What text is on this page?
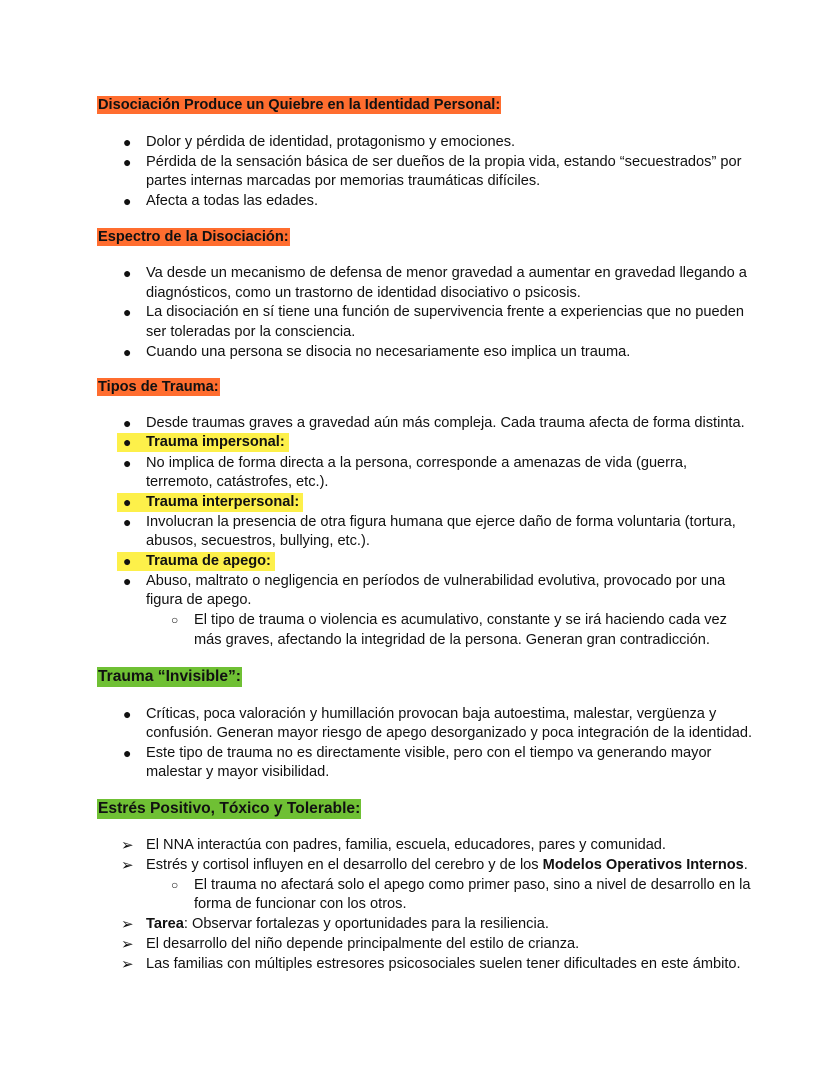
Disociación Produce un Quiebre en la Identidad Personal:
● Dolor y pérdida de identidad, protagonismo y emociones.
● Pérdida de la sensación básica de ser dueños de la propia vida, estando “secuestrados” por
partes internas marcadas por memorias traumáticas difíciles.
● Afecta a todas las edades.
Espectro de la Disociación:
● Va desde un mecanismo de defensa de menor gravedad a aumentar en gravedad llegando a
diagnósticos, como un trastorno de identidad disociativo o psicosis.
● La disociación en sí tiene una función de supervivencia frente a experiencias que no pueden
ser toleradas por la consciencia.
● Cuando una persona se disocia no necesariamente eso implica un trauma.
Tipos de Trauma:
● Desde traumas graves a gravedad aún más compleja. Cada trauma afecta de forma distinta.
● Trauma impersonal:
● No implica de forma directa a la persona, corresponde a amenazas de vida (guerra,
terremoto, catástrofes, etc.).
● Trauma interpersonal:
● Involucran la presencia de otra figura humana que ejerce daño de forma voluntaria (tortura,
abusos, secuestros, bullying, etc.).
● Trauma de apego:
● Abuso, maltrato o negligencia en períodos de vulnerabilidad evolutiva, provocado por una
figura de apego.
○ El tipo de trauma o violencia es acumulativo, constante y se irá haciendo cada vez
más graves, afectando la integridad de la persona. Generan gran contradicción.
Trauma “Invisible”:
● Críticas, poca valoración y humillación provocan baja autoestima, malestar, vergüenza y
confusión. Generan mayor riesgo de apego desorganizado y poca integración de la identidad.
● Este tipo de trauma no es directamente visible, pero con el tiempo va generando mayor
malestar y mayor visibilidad.
Estrés Positivo, Tóxico y Tolerable:
➢ El NNA interactúa con padres, familia, escuela, educadores, pares y comunidad.
➢ Estrés y cortisol influyen en el desarrollo del cerebro y de los Modelos Operativos Internos.
○ El trauma no afectará solo el apego como primer paso, sino a nivel de desarrollo en la
forma de funcionar con los otros.
➢ Tarea: Observar fortalezas y oportunidades para la resiliencia.
➢ El desarrollo del niño depende principalmente del estilo de crianza.
➢ Las familias con múltiples estresores psicosociales suelen tener dificultades en este ámbito.
